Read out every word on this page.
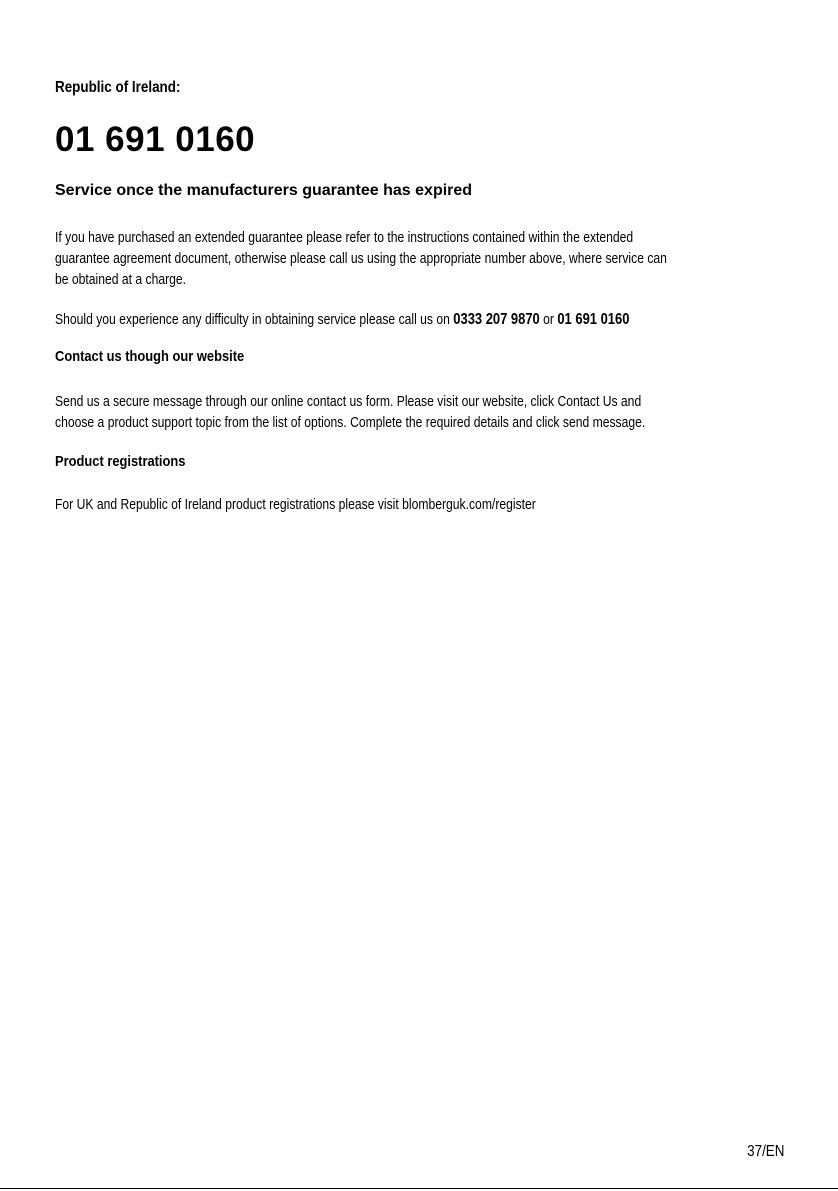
Republic of Ireland:
01 691 0160
Service once the manufacturers guarantee has expired
If you have purchased an extended guarantee please refer to the instructions contained within the extended
guarantee agreement document, otherwise please call us using the appropriate number above, where service can
be obtained at a charge.
Should you experience any difficulty in obtaining service please call us on 0333 207 9870 or 01 691 0160
Contact us though our website
Send us a secure message through our online contact us form. Please visit our website, click Contact Us and
choose a product support topic from the list of options. Complete the required details and click send message.
Product registrations
For UK and Republic of Ireland product registrations please visit blomberguk.com/register
37/EN
